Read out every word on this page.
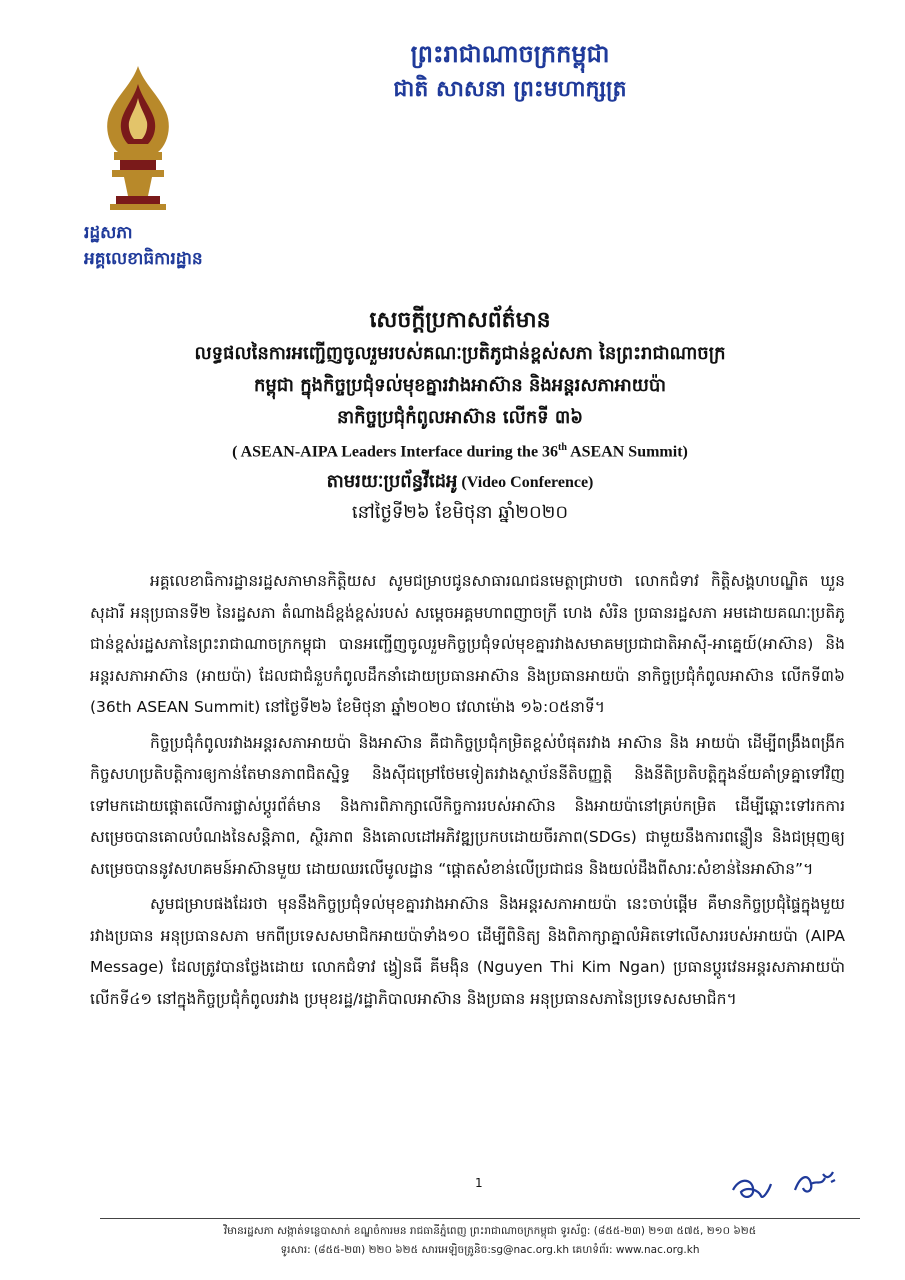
រដ្ឋសភា
អគ្គលេខាធិការដ្ឋាន
ព្រះរាជាណាចក្រកម្ពុជា
ជាតិ សាសនា ព្រះមហាក្សត្រ
សេចក្តីប្រកាសព័ត៌មាន
លទ្ធផលនៃការអញ្ជើញចូលរួមរបស់គណៈប្រតិភូជាន់ខ្ពស់សភា នៃព្រះរាជាណាចក្រ
កម្ពុជា ក្នុងកិច្ចប្រជុំទល់មុខគ្នារវាងអាស៊ាន និងអន្តរសភាអាយប៉ា
នាកិច្ចប្រជុំកំពូលអាស៊ាន លើកទី ៣៦
( ASEAN-AIPA Leaders Interface during the 36th ASEAN Summit)
តាមរយៈប្រព័ន្ធវីដេអូ (Video Conference)
នៅថ្ងៃទី២៦ ខែមិថុនា ឆ្នាំ២០២០

អគ្គលេខាធិការដ្ឋានរដ្ឋសភាមានកិត្តិយស សូមជម្រាបជូនសាធារណជនមេត្តាជ្រាបថា លោកជំទាវ កិត្តិសង្គហបណ្ឌិត ឃួន សុដារី អនុប្រធានទី២ នៃរដ្ឋសភា តំណាងដ៏ខ្ពង់ខ្ពស់របស់ សម្តេចអគ្គមហាពញាចក្រី ហេង សំរិន ប្រធានរដ្ឋសភា អមដោយគណៈប្រតិភូជាន់ខ្ពស់រដ្ឋសភានៃព្រះរាជាណាចក្រកម្ពុជា បានអញ្ជើញចូលរួមកិច្ចប្រជុំទល់មុខគ្នារវាងសមាគមប្រជាជាតិអាស៊ី-អាគ្នេយ៍(អាស៊ាន) និងអន្តរសភាអាស៊ាន (អាយប៉ា) ដែលជាជំនួបកំពូលដឹកនាំដោយប្រធានអាស៊ាន និងប្រធានអាយប៉ា នាកិច្ចប្រជុំកំពូលអាស៊ាន លើកទី៣៦ (36th ASEAN Summit) នៅថ្ងៃទី២៦ ខែមិថុនា ឆ្នាំ២០២០ វេលាម៉ោង ១៦:០៥នាទី។

កិច្ចប្រជុំកំពូលរវាងអន្តរសភាអាយប៉ា និងអាស៊ាន គឺជាកិច្ចប្រជុំកម្រិតខ្ពស់បំផុតរវាង អាស៊ាន និង អាយប៉ា ដើម្បីពង្រឹងពង្រីកកិច្ចសហប្រតិបត្តិការឲ្យកាន់តែមានភាពជិតស្និទ្ធ និងស៊ីជម្រៅថែមទៀតរវាងស្ថាប័ននីតិបញ្ញត្តិ និងនីតិប្រតិបត្តិក្នុងន័យគាំទ្រគ្នាទៅវិញទៅមកដោយផ្តោតលើការផ្លាស់ប្តូរព័ត៌មាន និងការពិភាក្សាលើកិច្ចការរបស់អាស៊ាន និងអាយប៉ានៅគ្រប់កម្រិត ដើម្បីឆ្ពោះទៅរកការសម្រេចបានគោលបំណងនៃសន្តិភាព, ស្ថិរភាព និងគោលដៅអភិវឌ្ឍប្រកបដោយចីរភាព(SDGs) ជាមួយនឹងការពន្លឿន និងជម្រុញឲ្យសម្រេចបាននូវសហគមន៍អាស៊ានមួយ ដោយឈរលើមូលដ្ឋាន “ផ្តោតសំខាន់លើប្រជាជន និងយល់ដឹងពីសារៈសំខាន់នៃអាស៊ាន”។

សូមជម្រាបផងដែរថា មុននឹងកិច្ចប្រជុំទល់មុខគ្នារវាងអាស៊ាន និងអន្តរសភាអាយប៉ា នេះចាប់ផ្តើម គឺមានកិច្ចប្រជុំផ្ទៃក្នុងមួយរវាងប្រធាន អនុប្រធានសភា មកពីប្រទេសសមាជិកអាយប៉ាទាំង១០ ដើម្បីពិនិត្យ និងពិភាក្សាគ្នាលំអិតទៅលើសាររបស់អាយប៉ា (AIPA Message) ដែលត្រូវបានថ្លែងដោយ លោកជំទាវ ង្វៀនធី គីមង៉ិន (Nguyen Thi Kim Ngan) ប្រធានប្តូរវេនអន្តរសភាអាយប៉ា លើកទី៤១ នៅក្នុងកិច្ចប្រជុំកំពូលរវាង ប្រមុខរដ្ឋ/រដ្ឋាភិបាលអាស៊ាន និងប្រធាន អនុប្រធានសភានៃប្រទេសសមាជិក។

1
វិមានរដ្ឋសភា សង្កាត់ទន្លេបាសាក់ ខណ្ឌចំការមន រាជធានីភ្នំពេញ ព្រះរាជាណាចក្រកម្ពុជា ទូរស័ព្ទ: (៨៥៥-២៣) ២១៣ ៥៧៥, ២១០ ៦២៥
ទូរសារ: (៨៥៥-២៣) ២២០ ៦២៥ សារអេឡិចត្រូនិច:sg@nac.org.kh គេហទំព័រ: www.nac.org.kh
